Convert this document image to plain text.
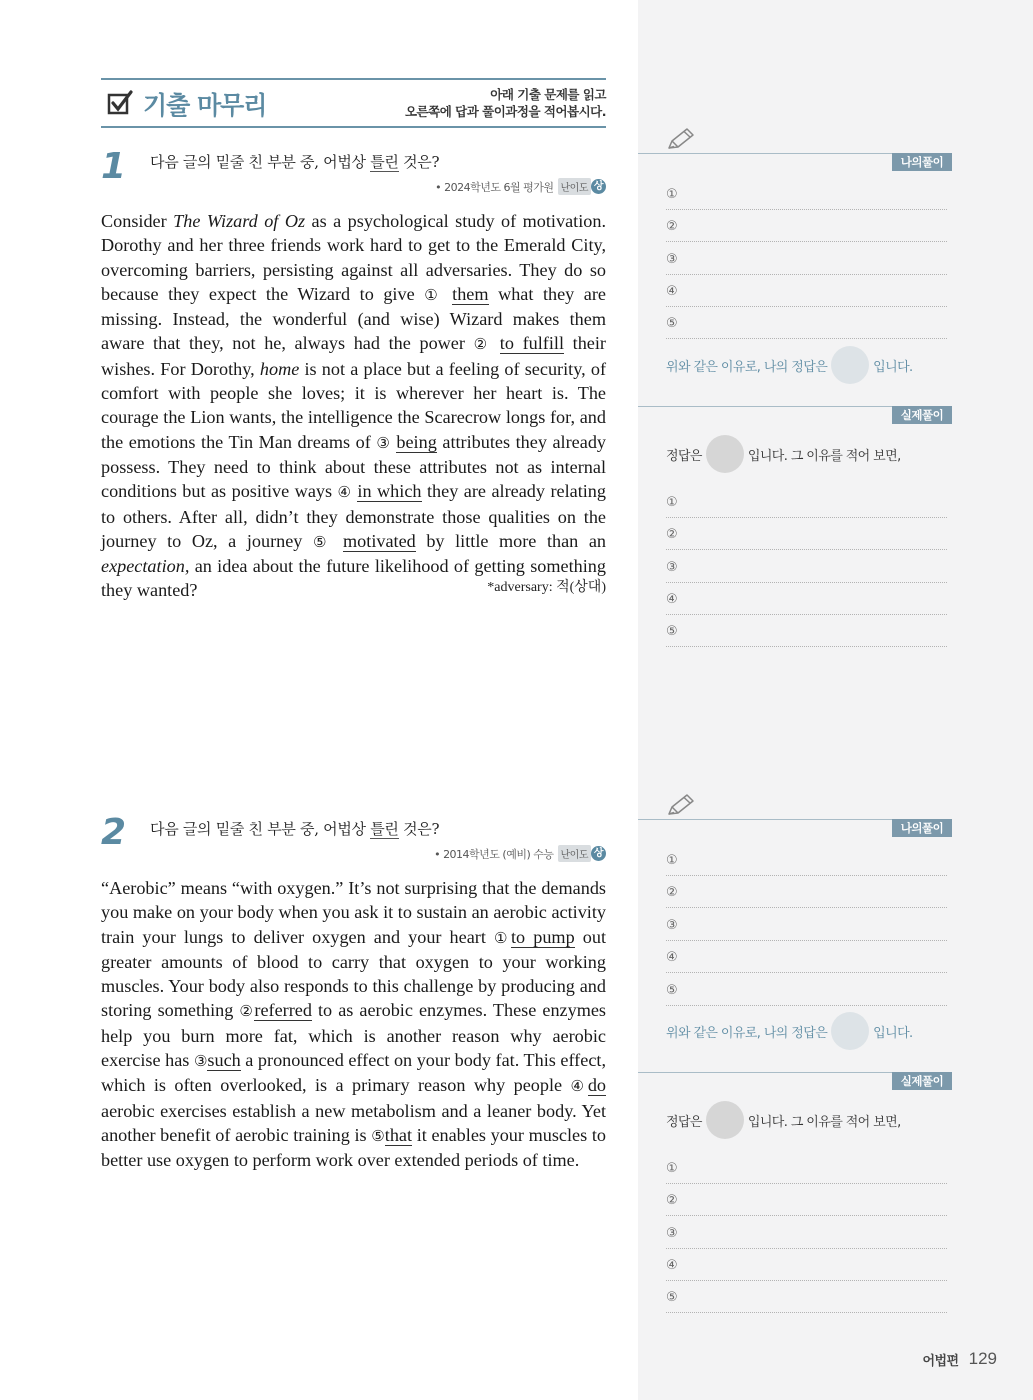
기출 마무리	아래 기출 문제를 읽고
오른쪽에 답과 풀이과정을 적어봅시다.
1 다음 글의 밑줄 친 부분 중, 어법상 틀린 것은?
• 2024학년도 6월 평가원 난이도 상

Consider The Wizard of Oz as a psychological study of motivation. Dorothy and her three friends work hard to get to the Emerald City, overcoming barriers, persisting against all adversaries. They do so because they expect the Wizard to give ① them what they are missing. Instead, the wonderful (and wise) Wizard makes them aware that they, not he, always had the power ② to fulfill their wishes. For Dorothy, home is not a place but a feeling of security, of comfort with people she loves; it is wherever her heart is. The courage the Lion wants, the intelligence the Scarecrow longs for, and the emotions the Tin Man dreams of ③ being attributes they already possess. They need to think about these attributes not as internal conditions but as positive ways ④ in which they are already relating to others. After all, didn’t they demonstrate those qualities on the journey to Oz, a journey ⑤ motivated by little more than an expectation, an idea about the future likelihood of getting something they wanted?	*adversary: 적(상대)
2 다음 글의 밑줄 친 부분 중, 어법상 틀린 것은?
• 2014학년도 (예비) 수능 난이도 상

“Aerobic” means “with oxygen.” It’s not surprising that the demands you make on your body when you ask it to sustain an aerobic activity train your lungs to deliver oxygen and your heart ①to pump out greater amounts of blood to carry that oxygen to your working muscles. Your body also responds to this challenge by producing and storing something ②referred to as aerobic enzymes. These enzymes help you burn more fat, which is another reason why aerobic exercise has ③such a pronounced effect on your body fat. This effect, which is often overlooked, is a primary reason why people ④do aerobic exercises establish a new metabolism and a leaner body. Yet another benefit of aerobic training is ⑤that it enables your muscles to better use oxygen to perform work over extended periods of time.

나의풀이
①
②
③
④
⑤
위와 같은 이유로, 나의 정답은	입니다.
실제풀이
정답은	입니다. 그 이유를 적어 보면,
①
②
③
④
⑤
나의풀이
①
②
③
④
⑤
위와 같은 이유로, 나의 정답은	입니다.
실제풀이
정답은	입니다. 그 이유를 적어 보면,
①
②
③
④
⑤
어법편 129
